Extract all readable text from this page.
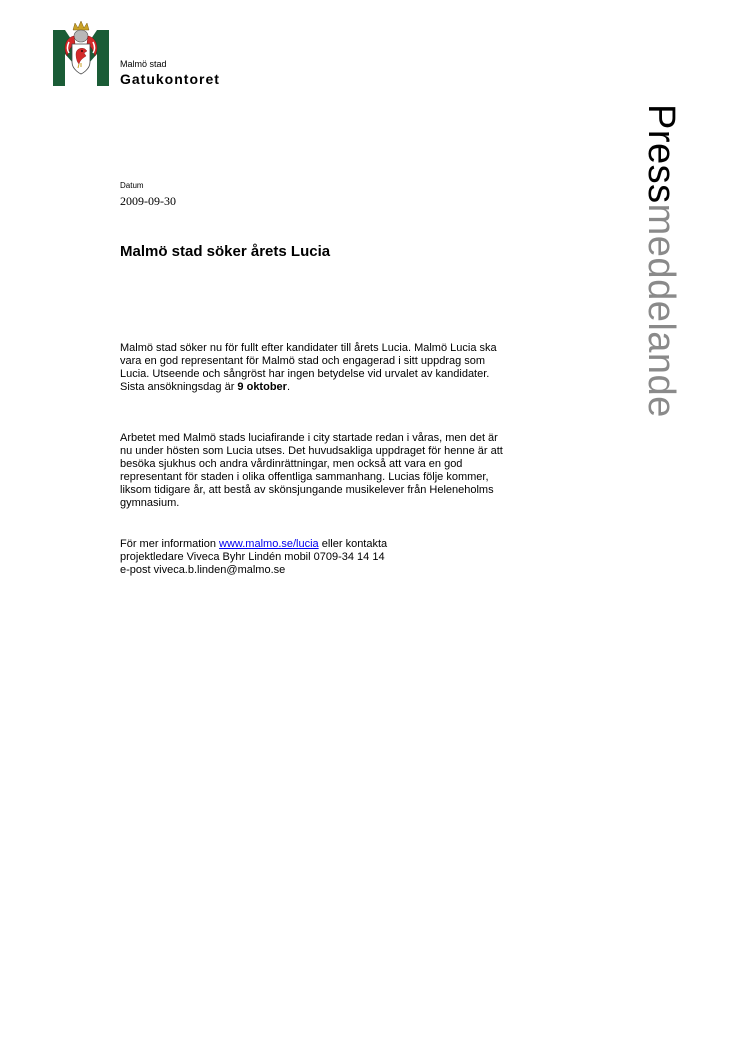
Malmö stad
Gatukontoret
Pressmeddelande
Datum
2009-09-30
Malmö stad söker årets Lucia
Malmö stad söker nu för fullt efter kandidater till årets Lucia. Malmö Lucia ska
vara en god representant för Malmö stad och engagerad i sitt uppdrag som
Lucia. Utseende och sångröst har ingen betydelse vid urvalet av kandidater.
Sista ansökningsdag är 9 oktober.
Arbetet med Malmö stads luciafirande i city startade redan i våras, men det är
nu under hösten som Lucia utses. Det huvudsakliga uppdraget för henne är att
besöka sjukhus och andra vårdinrättningar, men också att vara en god
representant för staden i olika offentliga sammanhang. Lucias följe kommer,
liksom tidigare år, att bestå av skönsjungande musikelever från Heleneholms
gymnasium.
För mer information www.malmo.se/lucia eller kontakta
projektledare Viveca Byhr Lindén mobil 0709-34 14 14
e-post viveca.b.linden@malmo.se
